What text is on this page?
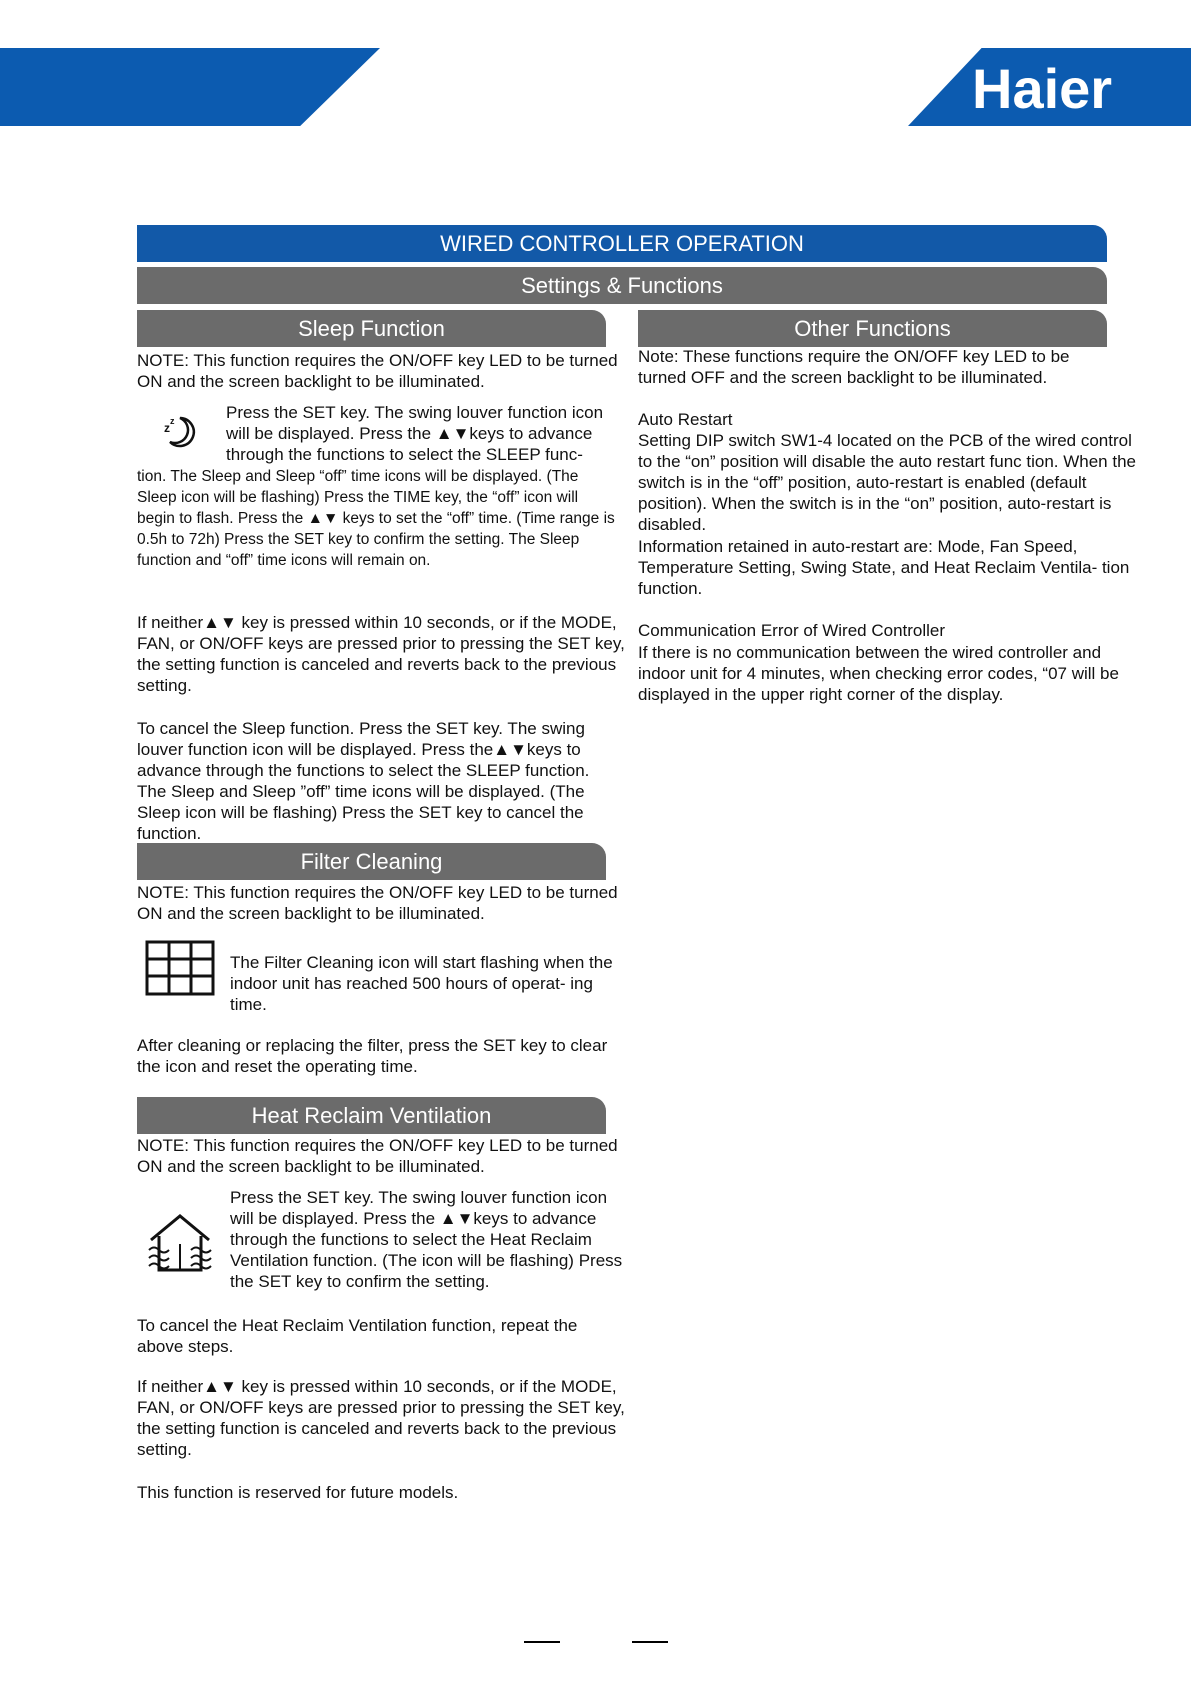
Haier
WIRED CONTROLLER OPERATION
Settings & Functions
Sleep Function

NOTE: This function requires the ON/OFF key LED to be turned ON and the screen backlight to be illuminated.

z z	Press the SET key. The swing louver function icon

will be displayed. Press the ▲▼keys to advance

through the functions to select the SLEEP func-

tion. The Sleep and Sleep “off” time icons will be displayed. (The Sleep icon will be flashing) Press the TIME key, the “off” icon will begin to flash. Press the ▲▼ keys to set the “off” time. (Time range is 0.5h to 72h) Press the SET key to confirm the setting. The Sleep function and “off” time icons will remain on.

If neither▲▼ key is pressed within 10 seconds, or if the MODE, FAN, or ON/OFF keys are pressed prior to pressing the SET key, the setting function is canceled and reverts back to the previous setting.

To cancel the Sleep function. Press the SET key. The swing louver function icon will be displayed. Press the▲▼keys to advance through the functions to select the SLEEP function. The Sleep and Sleep ”off” time icons will be displayed. (The Sleep icon will be flashing) Press the SET key to cancel the function.

Filter Cleaning

NOTE: This function requires the ON/OFF key LED to be turned ON and the screen backlight to be illuminated.

The Filter Cleaning icon will start flashing when the indoor unit has reached 500 hours of operat- ing time.

After cleaning or replacing the filter, press the SET key to clear the icon and reset the operating time.

Heat Reclaim Ventilation

NOTE: This function requires the ON/OFF key LED to be turned ON and the screen backlight to be illuminated.

Press the SET key. The swing louver function icon will be displayed. Press the ▲▼keys to advance through the functions to select the Heat Reclaim Ventilation function. (The icon will be flashing) Press the SET key to confirm the setting.

To cancel the Heat Reclaim Ventilation function, repeat the above steps.

If neither▲▼ key is pressed within 10 seconds, or if the MODE, FAN, or ON/OFF keys are pressed prior to pressing the SET key, the setting function is canceled and reverts back to the previous setting.

This function is reserved for future models.

Other Functions

Note: These functions require the ON/OFF key LED to be turned OFF and the screen backlight to be illuminated.

Auto Restart

Setting DIP switch SW1-4 located on the PCB of the wired control to the “on” position will disable the auto restart func tion. When the switch is in the “off” position, auto-restart is enabled (default position). When the switch is in the “on” position, auto-restart is disabled.

Information retained in auto-restart are: Mode, Fan Speed, Temperature Setting, Swing State, and Heat Reclaim Ventila- tion function.

Communication Error of Wired Controller

If there is no communication between the wired controller and indoor unit for 4 minutes, when checking error codes, “07 will be displayed in the upper right corner of the display.
